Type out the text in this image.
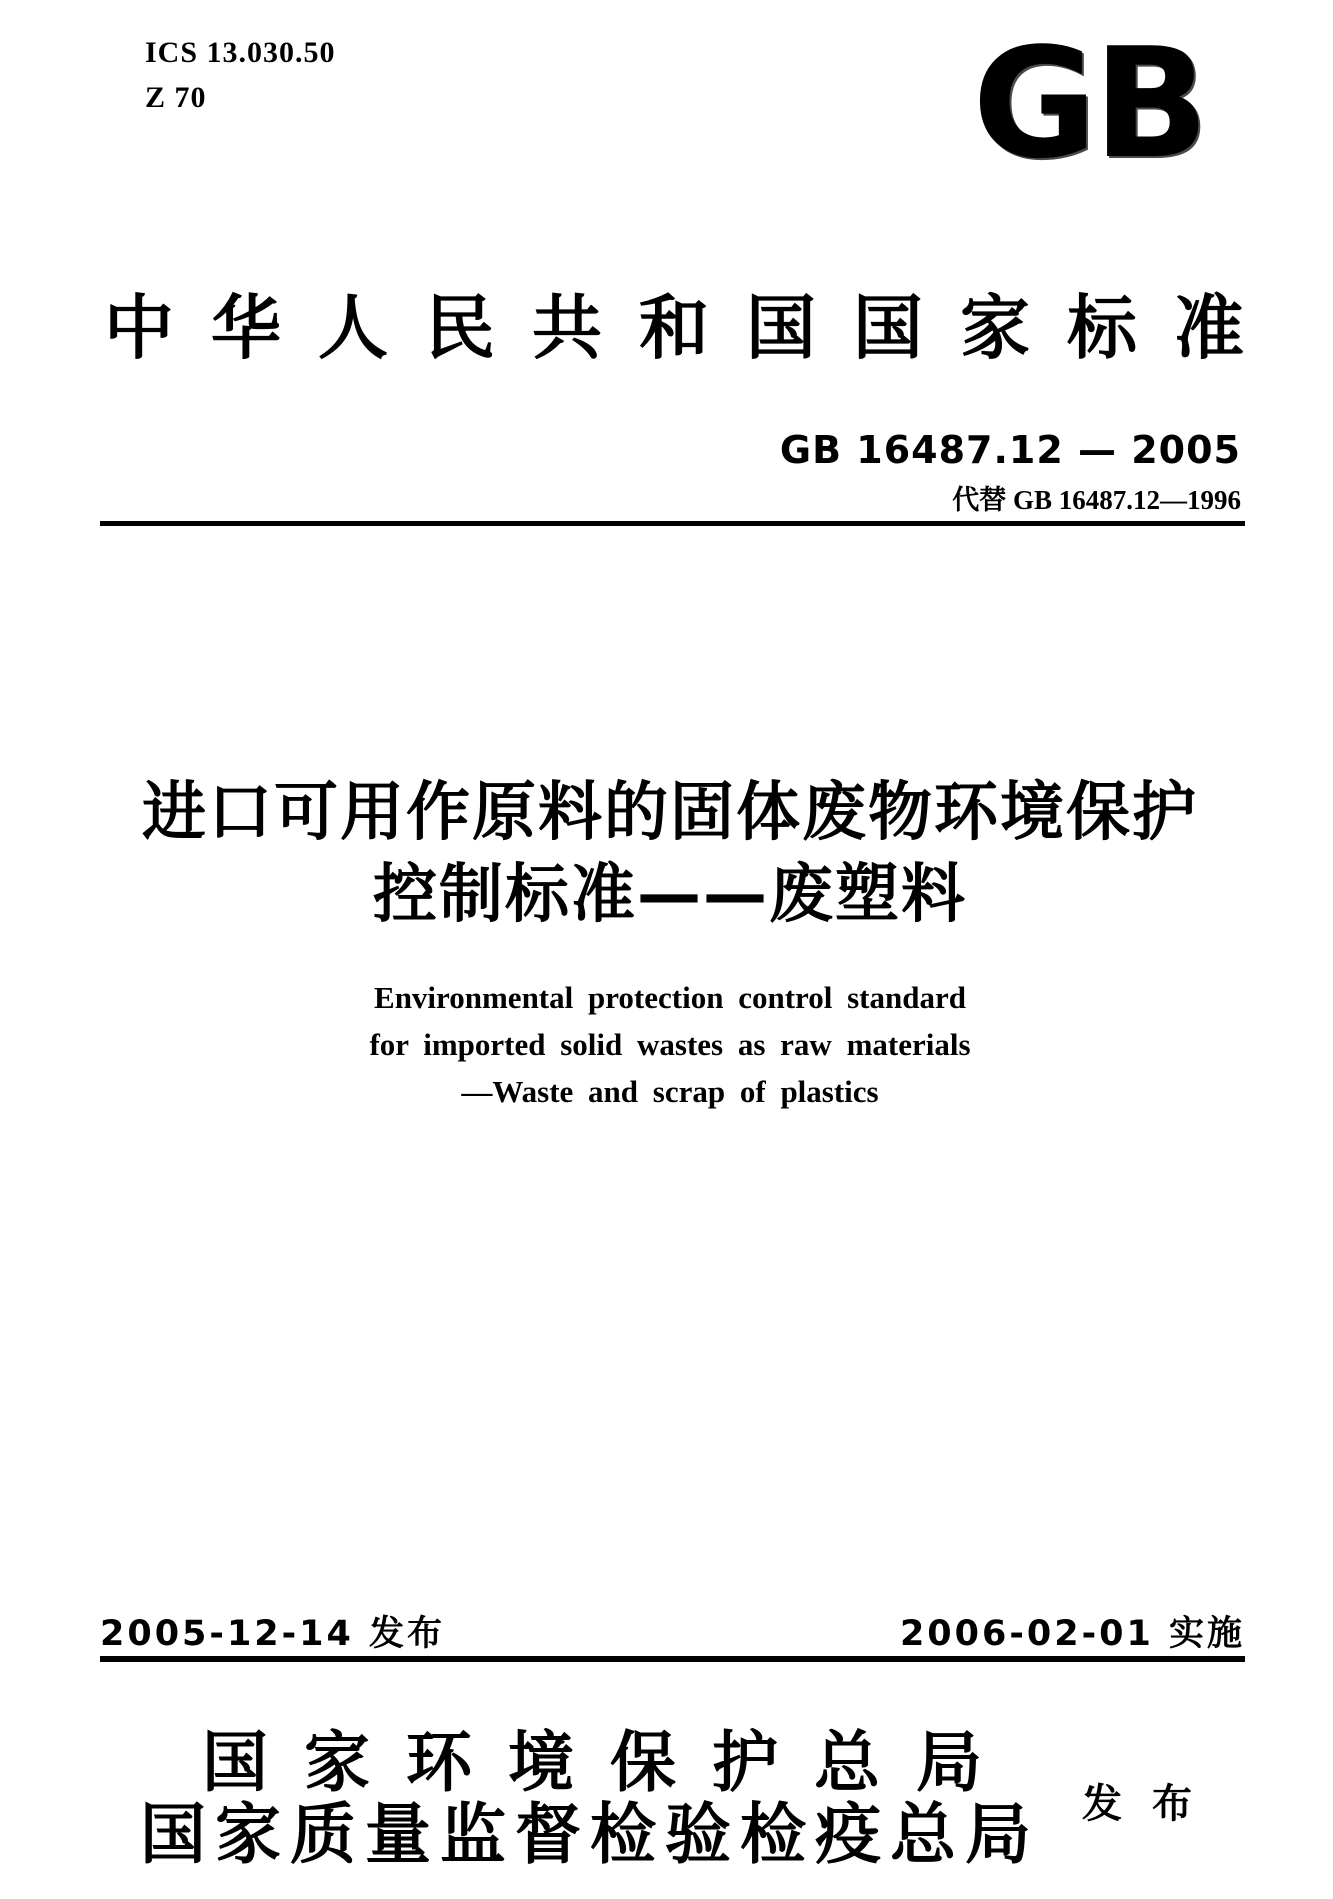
ICS 13.030.50
Z 70	GB
中华人民共和国国家标准
GB 16487.12 — 2005
代替 GB 16487.12—1996
进口可用作原料的固体废物环境保护
控制标准——废塑料
Environmental protection control standard
for imported solid wastes as raw materials
—Waste and scrap of plastics
2005-12-14 发布	2006-02-01 实施
国家环境保护总局
国家质量监督检验检疫总局 发布
